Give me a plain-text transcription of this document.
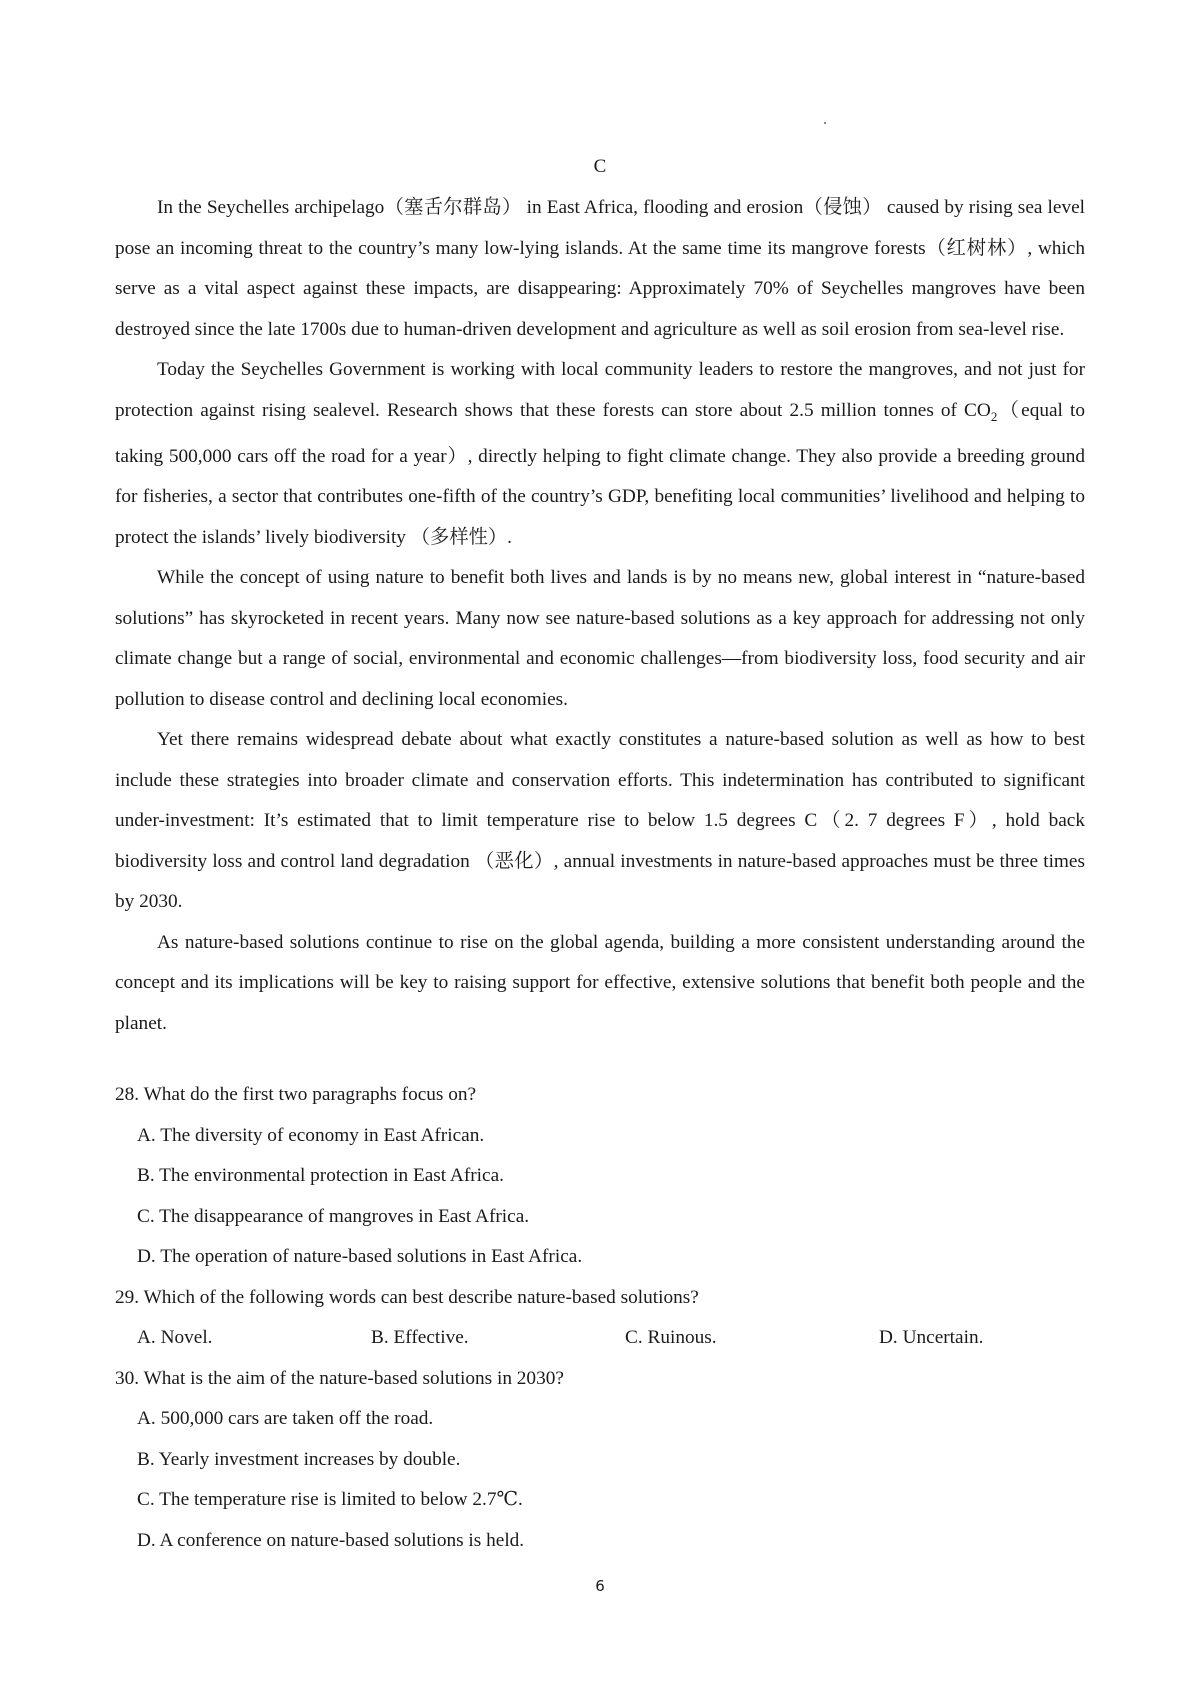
C

In the Seychelles archipelago（塞舌尔群岛） in East Africa, flooding and erosion（侵蚀） caused by rising sea level pose an incoming threat to the country’s many low-lying islands. At the same time its mangrove forests（红树林）, which serve as a vital aspect against these impacts, are disappearing: Approximately 70% of Seychelles mangroves have been destroyed since the late 1700s due to human-driven development and agriculture as well as soil erosion from sea-level rise.

Today the Seychelles Government is working with local community leaders to restore the mangroves, and not just for protection against rising sealevel. Research shows that these forests can store about 2.5 million tonnes of $CO_2(equal$ to taking 500,000 cars off the road for a year）, directly helping to fight climate change. They also provide a breeding ground for fisheries, a sector that contributes one-fifth of the country’s GDP, benefiting local communities’ livelihood and helping to protect the islands’ lively biodiversity （多样性）.

While the concept of using nature to benefit both lives and lands is by no means new, global interest in “nature-based solutions” has skyrocketed in recent years. Many now see nature-based solutions as a key approach for addressing not only climate change but a range of social, environmental and economic challenges—from biodiversity loss, food security and air pollution to disease control and declining local economies.

Yet there remains widespread debate about what exactly constitutes a nature-based solution as well as how to best include these strategies into broader climate and conservation efforts. This indetermination has contributed to significant under-investment: It’s estimated that to limit temperature rise to below 1.5 degrees C（2. 7 degrees F）, hold back biodiversity loss and control land degradation （恶化）, annual investments in nature-based approaches must be three times by 2030.

As nature-based solutions continue to rise on the global agenda, building a more consistent understanding around the concept and its implications will be key to raising support for effective, extensive solutions that benefit both people and the planet.

28. What do the first two paragraphs focus on?

A. The diversity of economy in East African.

B. The environmental protection in East Africa.

C. The disappearance of mangroves in East Africa.

D. The operation of nature-based solutions in East Africa.

29. Which of the following words can best describe nature-based solutions?

A. Novel.	B. Effective.	C. Ruinous.	D. Uncertain.

30. What is the aim of the nature-based solutions in 2030?

A. 500,000 cars are taken off the road.

B. Yearly investment increases by double.

C. The temperature rise is limited to below 2.7℃.

D. A conference on nature-based solutions is held.

6
